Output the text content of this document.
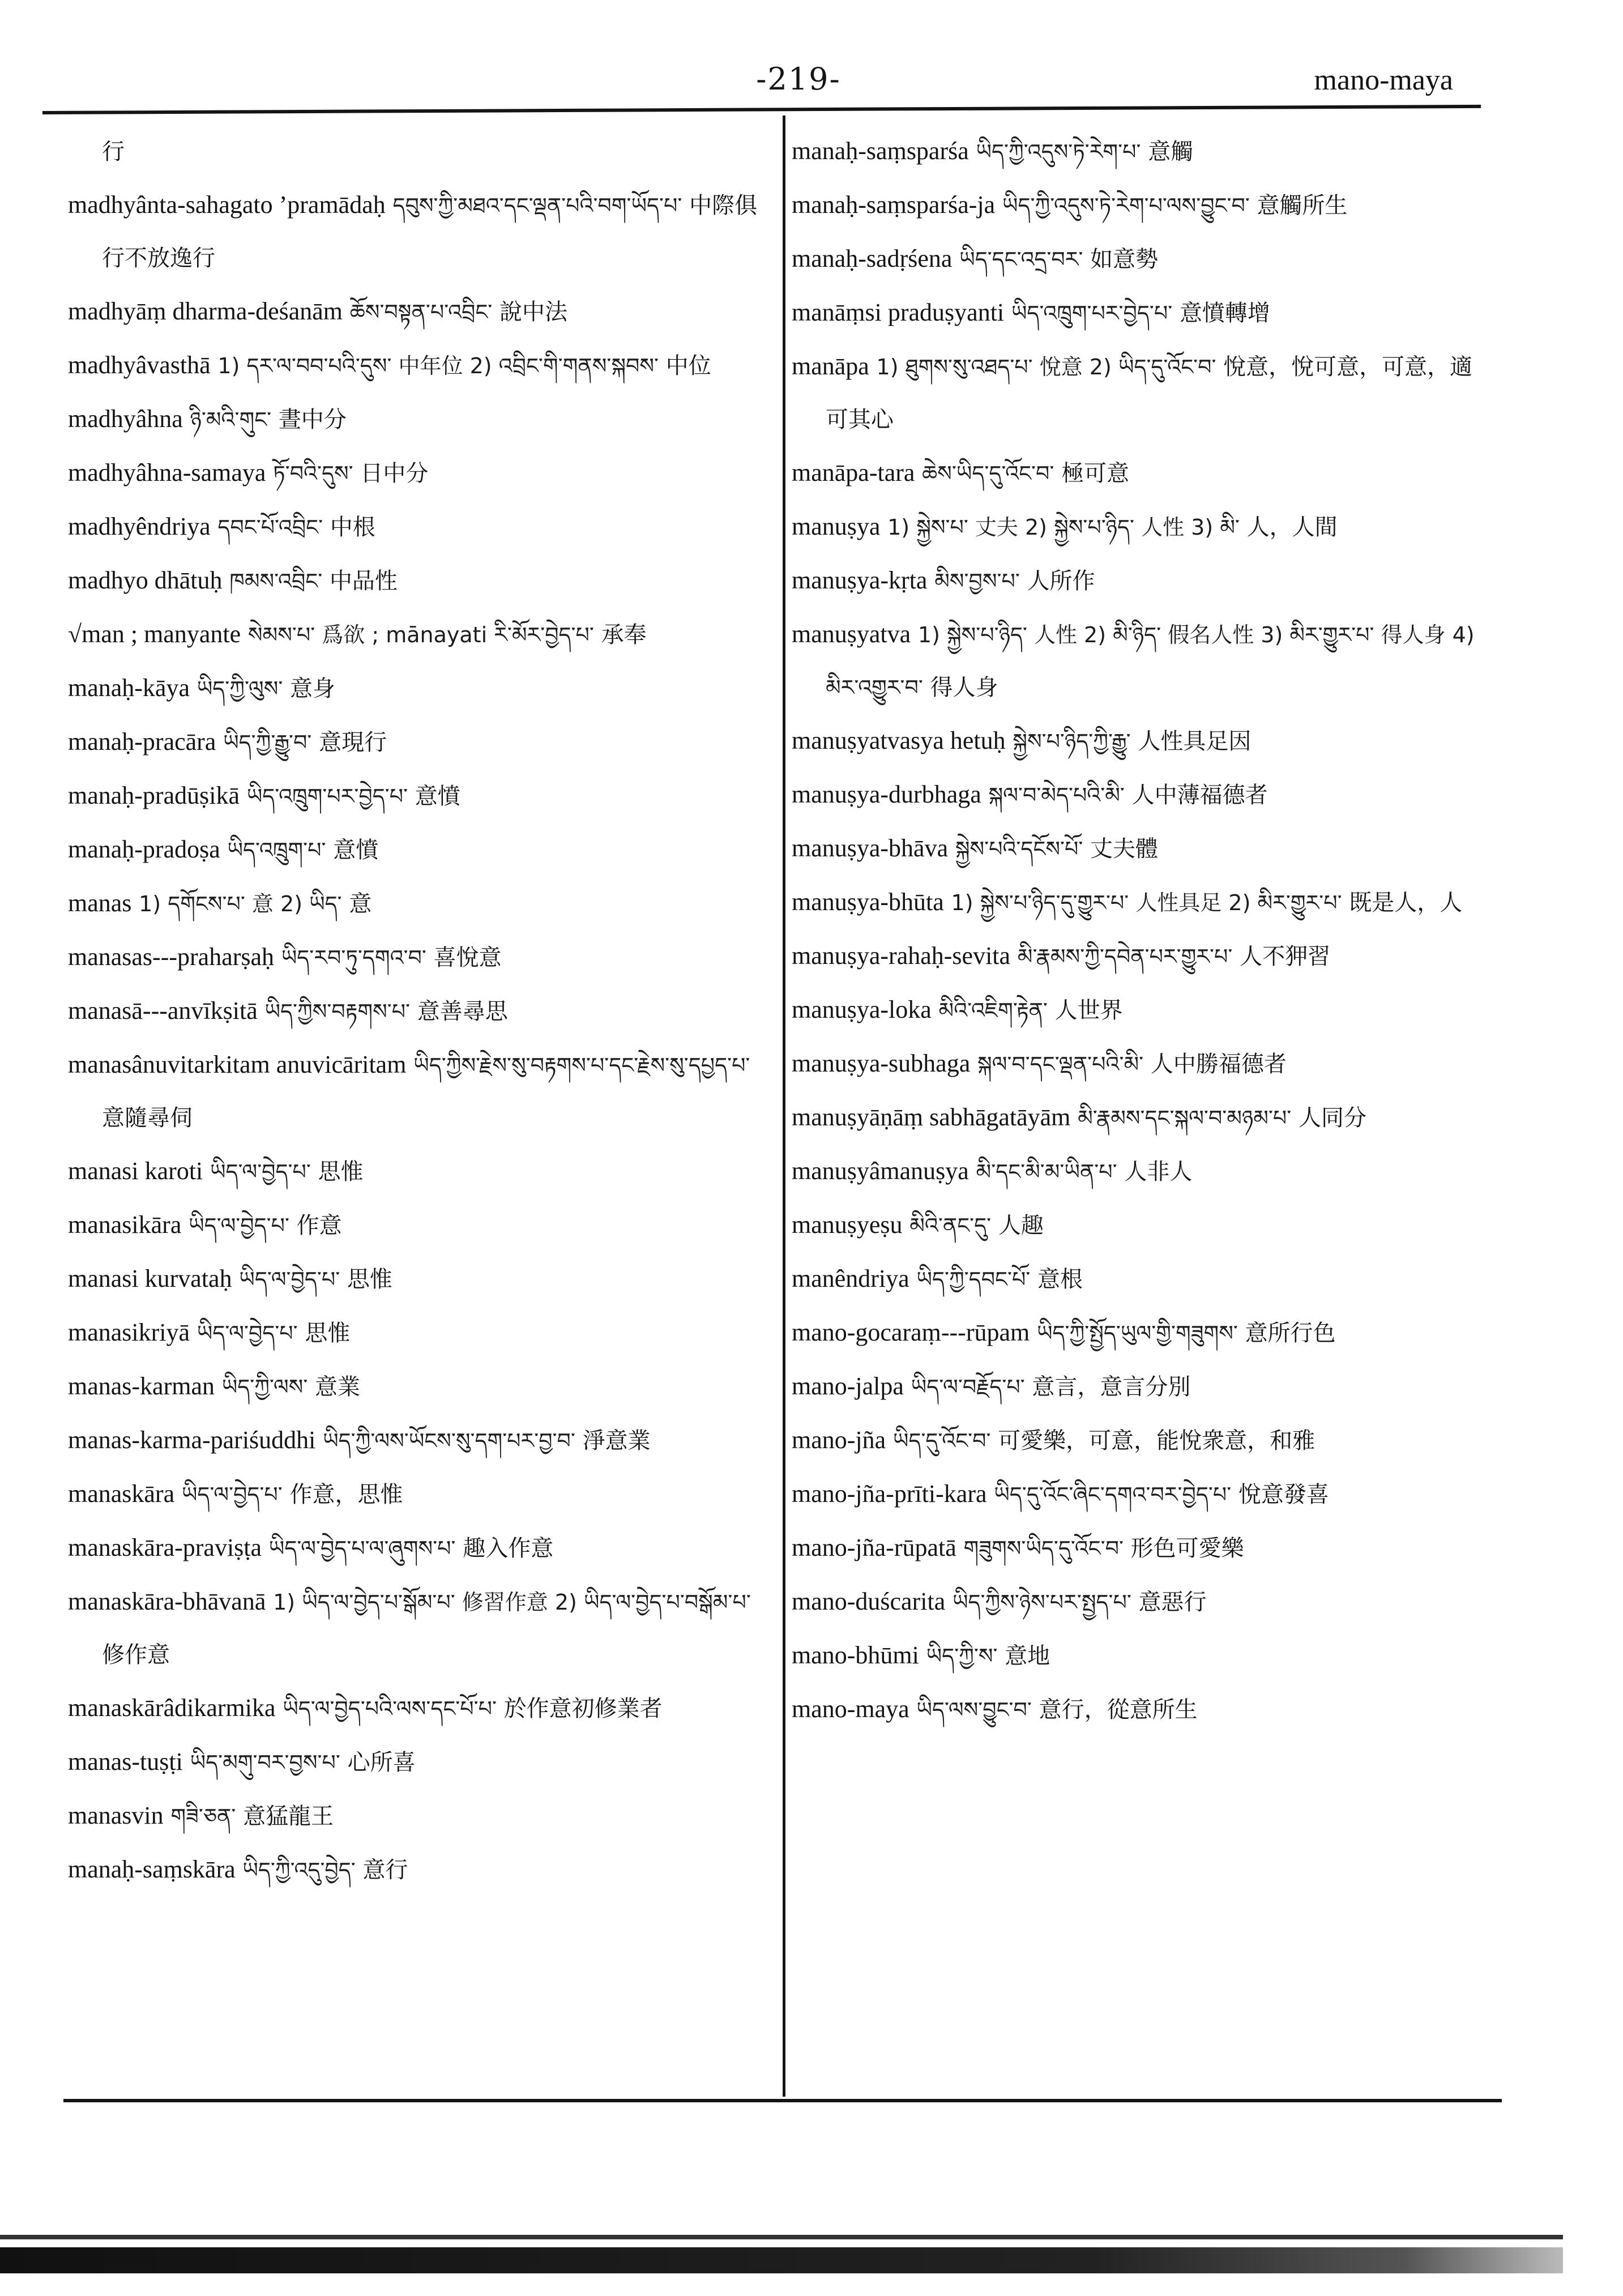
-219-	mano-maya

行

madhyânta-sahagato ’pramādaḥ དབུས་ཀྱི་མཐའ་དང་ལྡན་པའི་བག་ཡོད་པ་ 中際俱行不放逸行

madhyāṃ dharma-deśanām ཆོས་བསྟན་པ་འབྲིང་ 說中法

madhyâvasthā 1) དར་ལ་བབ་པའི་དུས་ 中年位 2) འབྲིང་གི་གནས་སྐབས་ 中位

madhyâhna ཉི་མའི་གུང་ 晝中分

madhyâhna-samaya ཏོ་བའི་དུས་ 日中分

madhyêndriya དབང་པོ་འབྲིང་ 中根

madhyo dhātuḥ ཁམས་འབྲིང་ 中品性

√man ; manyante སེམས་པ་ 爲欲 ; mānayati རི་མོར་བྱེད་པ་ 承奉

manaḥ-kāya ཡིད་ཀྱི་ལུས་ 意身

manaḥ-pracāra ཡིད་ཀྱི་རྒྱུ་བ་ 意現行

manaḥ-pradūṣikā ཡིད་འཁྲུག་པར་བྱེད་པ་ 意憤

manaḥ-pradoṣa ཡིད་འཁྲུག་པ་ 意憤

manas 1) དགོངས་པ་ 意 2) ཡིད་ 意

manasas---praharṣaḥ ཡིད་རབ་ཏུ་དགའ་བ་ 喜悅意

manasā---anvīkṣitā ཡིད་ཀྱིས་བརྟགས་པ་ 意善尋思

manasânuvitarkitam anuvicāritam ཡིད་ཀྱིས་རྗེས་སུ་བརྟགས་པ་དང་རྗེས་སུ་དཔྱད་པ་ 意隨尋伺

manasi karoti ཡིད་ལ་བྱེད་པ་ 思惟

manasikāra ཡིད་ལ་བྱེད་པ་ 作意

manasi kurvataḥ ཡིད་ལ་བྱེད་པ་ 思惟

manasikriyā ཡིད་ལ་བྱེད་པ་ 思惟

manas-karman ཡིད་ཀྱི་ལས་ 意業

manas-karma-pariśuddhi ཡིད་ཀྱི་ལས་ཡོངས་སུ་དག་པར་བྱ་བ་ 淨意業

manaskāra ཡིད་ལ་བྱེད་པ་ 作意，思惟

manaskāra-praviṣṭa ཡིད་ལ་བྱེད་པ་ལ་ཞུགས་པ་ 趣入作意

manaskāra-bhāvanā 1) ཡིད་ལ་བྱེད་པ་སྒོམ་པ་ 修習作意 2) ཡིད་ལ་བྱེད་པ་བསྒོམ་པ་ 修作意

manaskārâdikarmika ཡིད་ལ་བྱེད་པའི་ལས་དང་པོ་པ་ 於作意初修業者

manas-tuṣṭi ཡིད་མགུ་བར་བྱས་པ་ 心所喜

manasvin གཟི་ཅན་ 意猛龍王

manaḥ-saṃskāra ཡིད་ཀྱི་འདུ་བྱེད་ 意行

manaḥ-saṃsparśa ཡིད་ཀྱི་འདུས་ཏེ་རེག་པ་ 意觸

manaḥ-saṃsparśa-ja ཡིད་ཀྱི་འདུས་ཏེ་རེག་པ་ལས་བྱུང་བ་ 意觸所生

manaḥ-sadṛśena ཡིད་དང་འདྲ་བར་ 如意勢

manāṃsi praduṣyanti ཡིད་འཁྲུག་པར་བྱེད་པ་ 意憤轉增

manāpa 1) ཐུགས་སུ་འཐད་པ་ 悅意 2) ཡིད་དུ་འོང་བ་ 悅意，悅可意，可意，適可其心

manāpa-tara ཆེས་ཡིད་དུ་འོང་བ་ 極可意

manuṣya 1) སྐྱེས་པ་ 丈夫 2) སྐྱེས་པ་ཉིད་ 人性 3) མི་ 人，人間

manuṣya-kṛta མིས་བྱས་པ་ 人所作

manuṣyatva 1) སྐྱེས་པ་ཉིད་ 人性 2) མི་ཉིད་ 假名人性 3) མིར་གྱུར་པ་ 得人身 4) མིར་འགྱུར་བ་ 得人身

manuṣyatvasya hetuḥ སྐྱེས་པ་ཉིད་ཀྱི་རྒྱུ་ 人性具足因

manuṣya-durbhaga སྐལ་བ་མེད་པའི་མི་ 人中薄福德者

manuṣya-bhāva སྐྱེས་པའི་དངོས་པོ་ 丈夫體

manuṣya-bhūta 1) སྐྱེས་པ་ཉིད་དུ་གྱུར་པ་ 人性具足 2) མིར་གྱུར་པ་ 既是人，人

manuṣya-rahaḥ-sevita མི་རྣམས་ཀྱི་དབེན་པར་གྱུར་པ་ 人不狎習

manuṣya-loka མིའི་འཇིག་རྟེན་ 人世界

manuṣya-subhaga སྐལ་བ་དང་ལྡན་པའི་མི་ 人中勝福德者

manuṣyāṇāṃ sabhāgatāyām མི་རྣམས་དང་སྐལ་བ་མཉམ་པ་ 人同分

manuṣyâmanuṣya མི་དང་མི་མ་ཡིན་པ་ 人非人

manuṣyeṣu མིའི་ནང་དུ་ 人趣

manêndriya ཡིད་ཀྱི་དབང་པོ་ 意根

mano-gocaraṃ---rūpam ཡིད་ཀྱི་སྤྱོད་ཡུལ་གྱི་གཟུགས་ 意所行色

mano-jalpa ཡིད་ལ་བརྗོད་པ་ 意言，意言分別

mano-jña ཡིད་དུ་འོང་བ་ 可愛樂，可意，能悅衆意，和雅

mano-jña-prīti-kara ཡིད་དུ་འོང་ཞིང་དགའ་བར་བྱེད་པ་ 悅意發喜

mano-jña-rūpatā གཟུགས་ཡིད་དུ་འོང་བ་ 形色可愛樂

mano-duścarita ཡིད་ཀྱིས་ཉེས་པར་སྤྱད་པ་ 意惡行

mano-bhūmi ཡིད་ཀྱི་ས་ 意地

mano-maya ཡིད་ལས་བྱུང་བ་ 意行，從意所生
